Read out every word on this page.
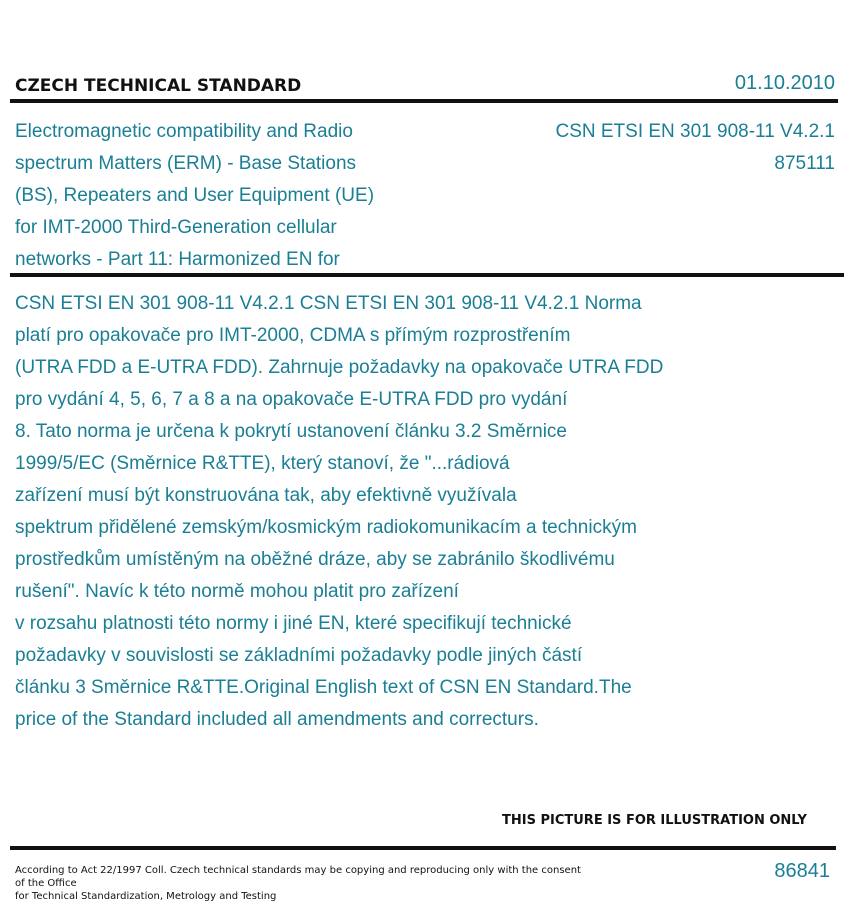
CZECH TECHNICAL STANDARD	01.10.2010
Electromagnetic compatibility and Radio
spectrum Matters (ERM) - Base Stations
(BS), Repeaters and User Equipment (UE)
for IMT-2000 Third-Generation cellular
networks - Part 11: Harmonized EN for
CSN ETSI EN 301 908-11 V4.2.1
875111
CSN ETSI EN 301 908-11 V4.2.1 CSN ETSI EN 301 908-11 V4.2.1 Norma
platí pro opakovače pro IMT-2000, CDMA s přímým rozprostřením
(UTRA FDD a E-UTRA FDD). Zahrnuje požadavky na opakovače UTRA FDD
pro vydání 4, 5, 6, 7 a 8 a na opakovače E-UTRA FDD pro vydání
8. Tato norma je určena k pokrytí ustanovení článku 3.2 Směrnice
1999/5/EC (Směrnice R&TTE), který stanoví, že "...rádiová
zařízení musí být konstruována tak, aby efektivně využívala
spektrum přidělené zemským/kosmickým radiokomunikacím a technickým
prostředkům umístěným na oběžné dráze, aby se zabránilo škodlivému
rušení". Navíc k této normě mohou platit pro zařízení
v rozsahu platnosti této normy i jiné EN, které specifikují technické
požadavky v souvislosti se základními požadavky podle jiných částí
článku 3 Směrnice R&TTE.Original English text of CSN EN Standard.The
price of the Standard included all amendments and correcturs.
THIS PICTURE IS FOR ILLUSTRATION ONLY
According to Act 22/1997 Coll. Czech technical standards may be copying and reproducing only with the consent of the Office
for Technical Standardization, Metrology and Testing
86841
